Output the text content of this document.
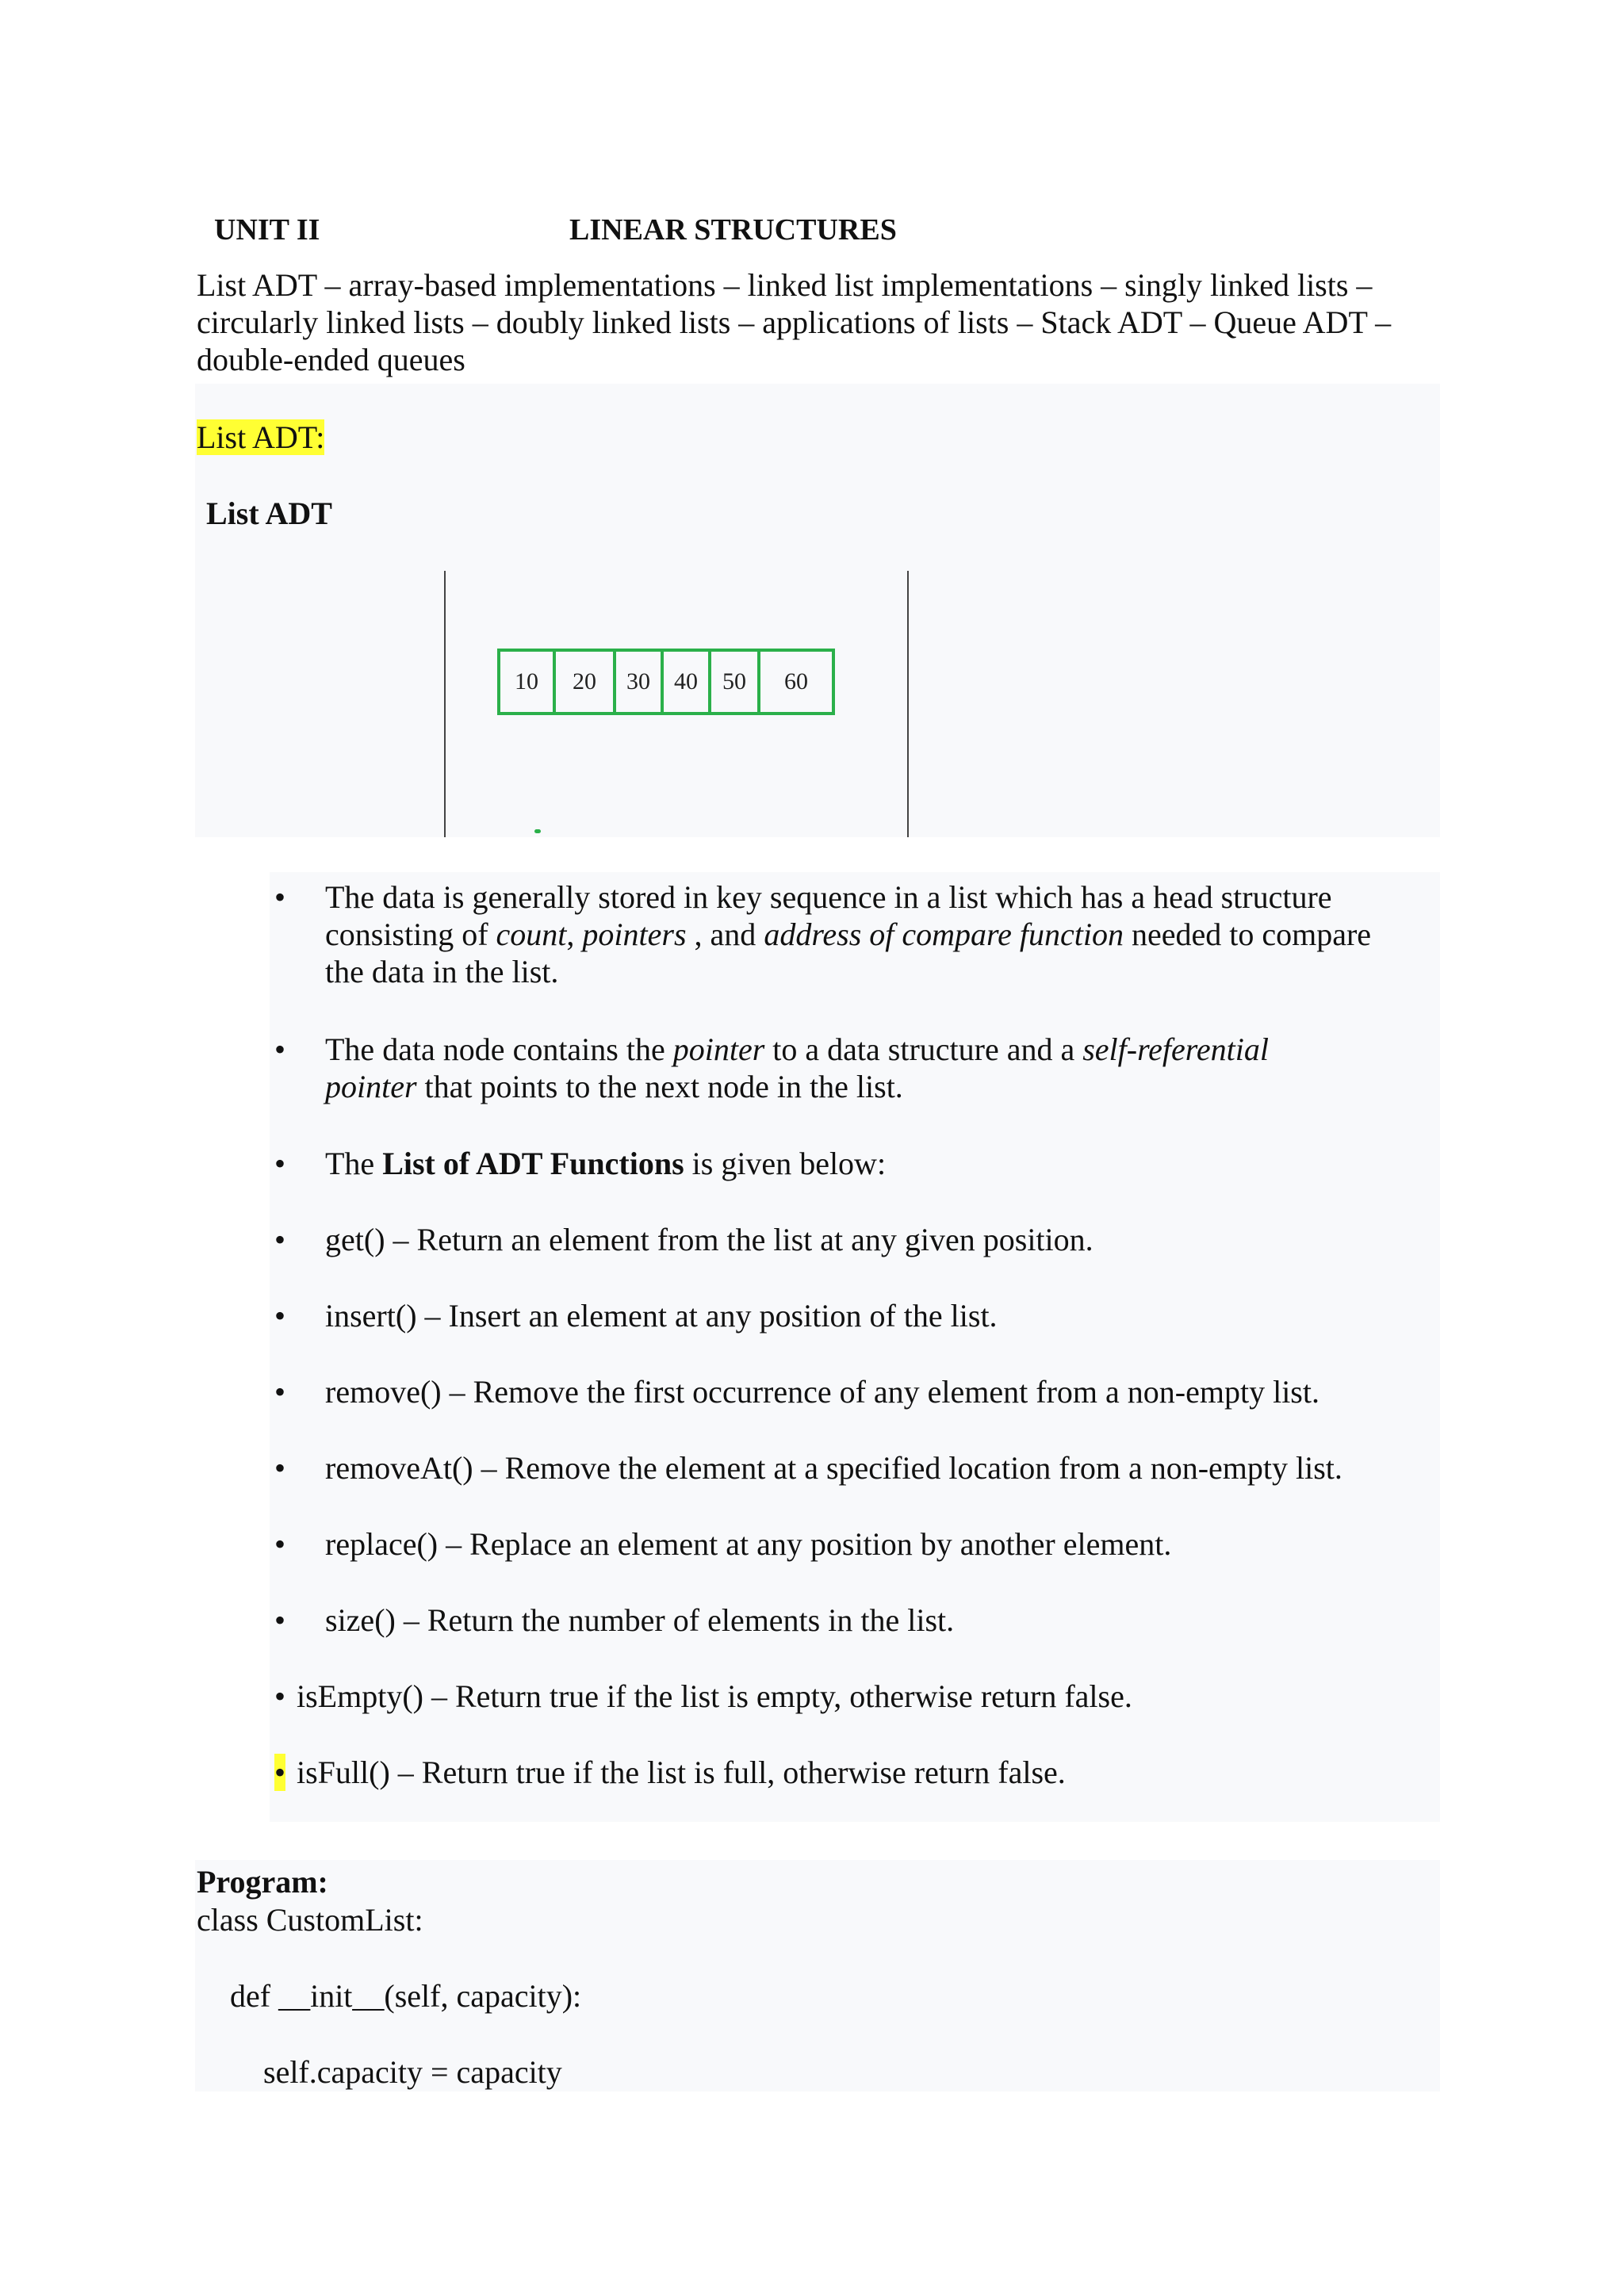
UNIT II	LINEAR STRUCTURES
List ADT – array-based implementations – linked list implementations – singly linked lists –
circularly linked lists – doubly linked lists – applications of lists – Stack ADT – Queue ADT –
double-ended queues
List ADT:
List ADT
10	20	30	40	50	60
• The data is generally stored in key sequence in a list which has a head structure
consisting of count, pointers , and address of compare function needed to compare
the data in the list.
• The data node contains the pointer to a data structure and a self-referential
pointer that points to the next node in the list.
• The List of ADT Functions is given below:
• get() – Return an element from the list at any given position.
• insert() – Insert an element at any position of the list.
• remove() – Remove the first occurrence of any element from a non-empty list.
• removeAt() – Remove the element at a specified location from a non-empty list.
• replace() – Replace an element at any position by another element.
• size() – Return the number of elements in the list.
• isEmpty() – Return true if the list is empty, otherwise return false.
• isFull() – Return true if the list is full, otherwise return false.
Program:
class CustomList:
def __init__(self, capacity):
self.capacity = capacity
